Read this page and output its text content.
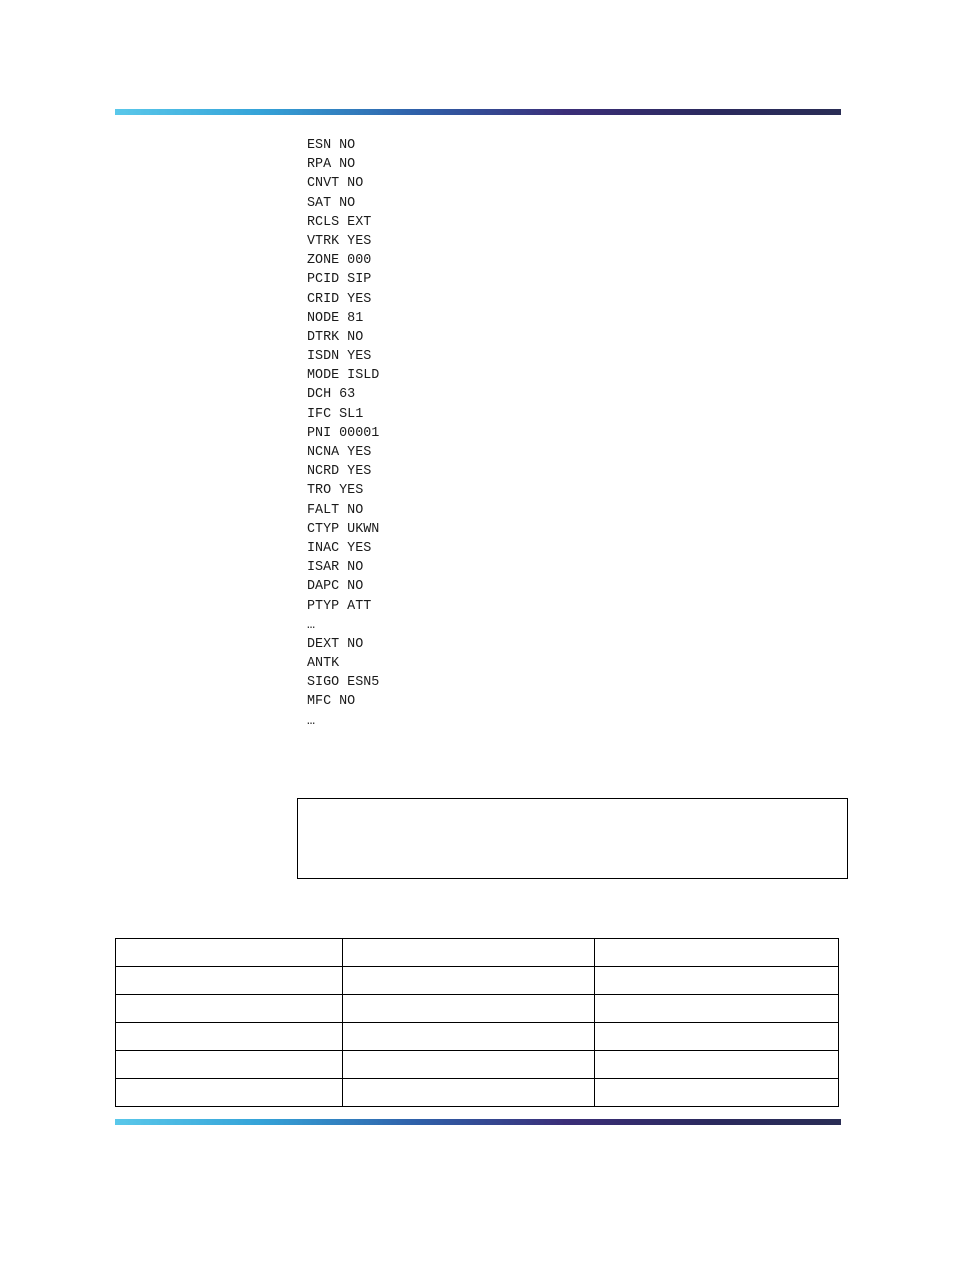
ESN NO
RPA NO
CNVT NO
SAT NO
RCLS EXT
VTRK YES
ZONE 000
PCID SIP
CRID YES
NODE 81
DTRK NO
ISDN YES
MODE ISLD
DCH 63
IFC SL1
PNI 00001
NCNA YES
NCRD YES
TRO YES
FALT NO
CTYP UKWN
INAC YES
ISAR NO
DAPC NO
PTYP ATT
…
DEXT NO
ANTK
SIGO ESN5
MFC NO
…
